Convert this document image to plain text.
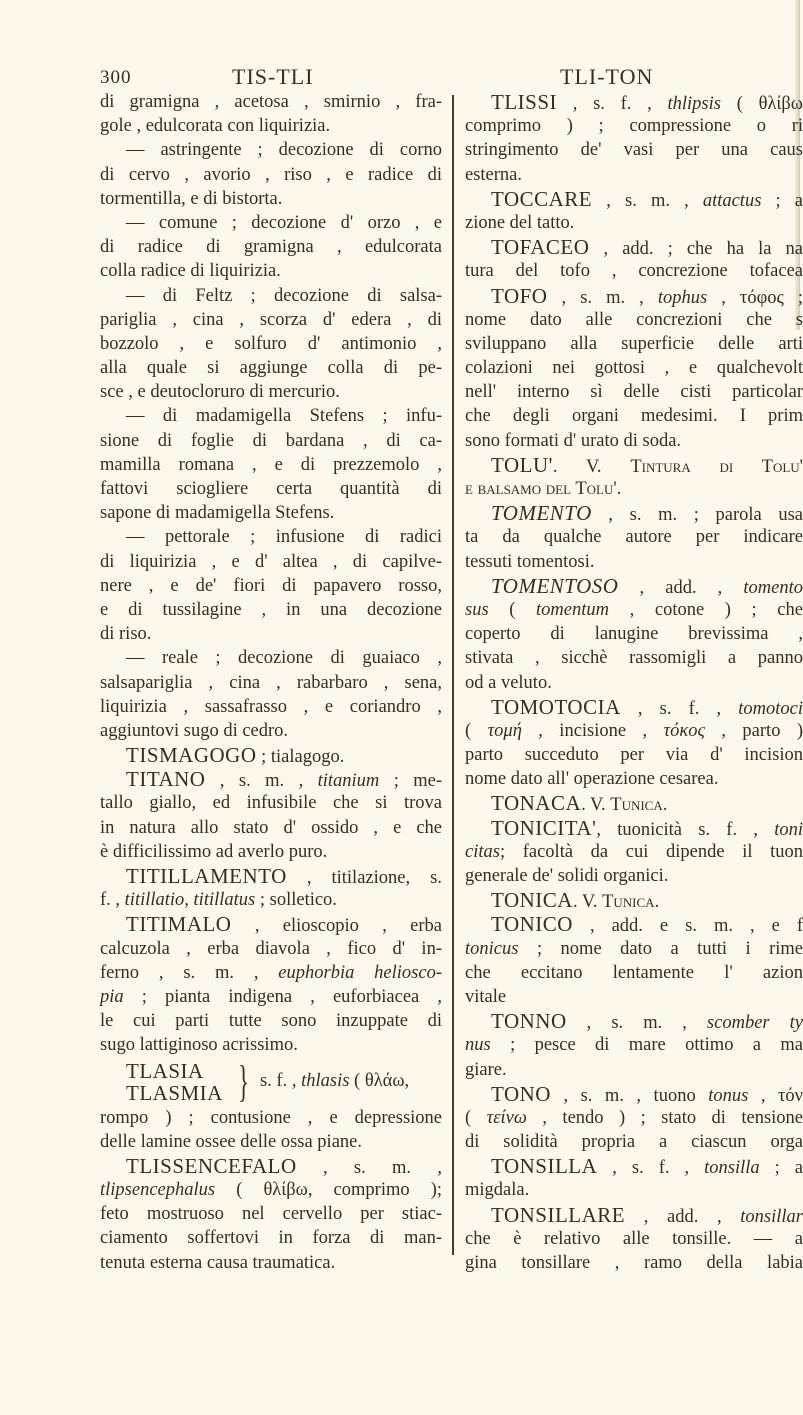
300	TIS-TLI	TLI-TON
di gramigna , acetosa , smirnio , fra-
gole , edulcorata con liquirizia.
— astringente ; decozione di corno
di cervo , avorio , riso , e radice di
tormentilla, e di bistorta.
— comune ; decozione d' orzo , e
di radice di gramigna , edulcorata
colla radice di liquirizia.
— di Feltz ; decozione di salsa-
pariglia , cina , scorza d' edera , di
bozzolo , e solfuro d' antimonio ,
alla quale si aggiunge colla di pe-
sce , e deutocloruro di mercurio.
— di madamigella Stefens ; infu-
sione di foglie di bardana , di ca-
mamilla romana , e di prezzemolo ,
fattovi sciogliere certa quantità di
sapone di madamigella Stefens.
— pettorale ; infusione di radici
di liquirizia , e d' altea , di capilve-
nere , e de' fiori di papavero rosso,
e di tussilagine , in una decozione
di riso.
— reale ; decozione di guaiaco ,
salsapariglia , cina , rabarbaro , sena,
liquirizia , sassafrasso , e coriandro ,
aggiuntovi sugo di cedro.
TISMAGOGO ; tialagogo.
TITANO , s. m. , titanium ; me-
tallo giallo, ed infusibile che si trova
in natura allo stato d' ossido , e che
è difficilissimo ad averlo puro.
TITILLAMENTO , titilazione, s.
f. , titillatio, titillatus ; solletico.
TITIMALO , elioscopio , erba
calcuzola , erba diavola , fico d' in-
ferno , s. m. , euphorbia heliosco-
pia ; pianta indigena , euforbiacea ,
le cui parti tutte sono inzuppate di
sugo lattiginoso acrissimo.
TLASIA
TLASMIA } s. f. , thlasis ( θλάω,
rompo ) ; contusione , e depressione
delle lamine ossee delle ossa piane.
TLISSENCEFALO , s. m. ,
tlipsencephalus ( θλίβω, comprimo );
feto mostruoso nel cervello per stiac-
ciamento soffertovi in forza di man-
tenuta esterna causa traumatica.
TLISSI , s. f. , thlipsis ( θλίβω
comprimo ) ; compressione o ri
stringimento de' vasi per una caus
esterna.
TOCCARE , s. m. , attactus ; a
zione del tatto.
TOFACEO , add. ; che ha la na
tura del tofo , concrezione tofacea
TOFO , s. m. , tophus , τόφος ;
nome dato alle concrezioni che s
sviluppano alla superficie delle arti
colazioni nei gottosi , e qualchevolt
nell' interno sì delle cisti particolar
che degli organi medesimi. I prim
sono formati d' urato di soda.
TOLU'. V. Tintura di Tolu'
e balsamo del Tolu'.
TOMENTO , s. m. ; parola usa
ta da qualche autore per indicare
tessuti tomentosi.
TOMENTOSO , add. , tomento
sus ( tomentum , cotone ) ; che
coperto di lanugine brevissima ,
stivata , sicchè rassomigli a panno
od a veluto.
TOMOTOCIA , s. f. , tomotoci
( τομή , incisione , τόκος , parto )
parto succeduto per via d' incision
nome dato all' operazione cesarea.
TONACA. V. Tunica.
TONICITA', tuonicità s. f. , toni
citas; facoltà da cui dipende il tuon
generale de' solidi organici.
TONICA. V. Tunica.
TONICO , add. e s. m. , e f
tonicus ; nome dato a tutti i rime
che eccitano lentamente l' azion
vitale
TONNO , s. m. , scomber ty
nus ; pesce di mare ottimo a ma
giare.
TONO , s. m. , tuono tonus , τόν
( τείνω , tendo ) ; stato di tensione
di solidità propria a ciascun orga
TONSILLA , s. f. , tonsilla ; a
migdala.
TONSILLARE , add. , tonsillar
che è relativo alle tonsille. — a
gina tonsillare , ramo della labia
